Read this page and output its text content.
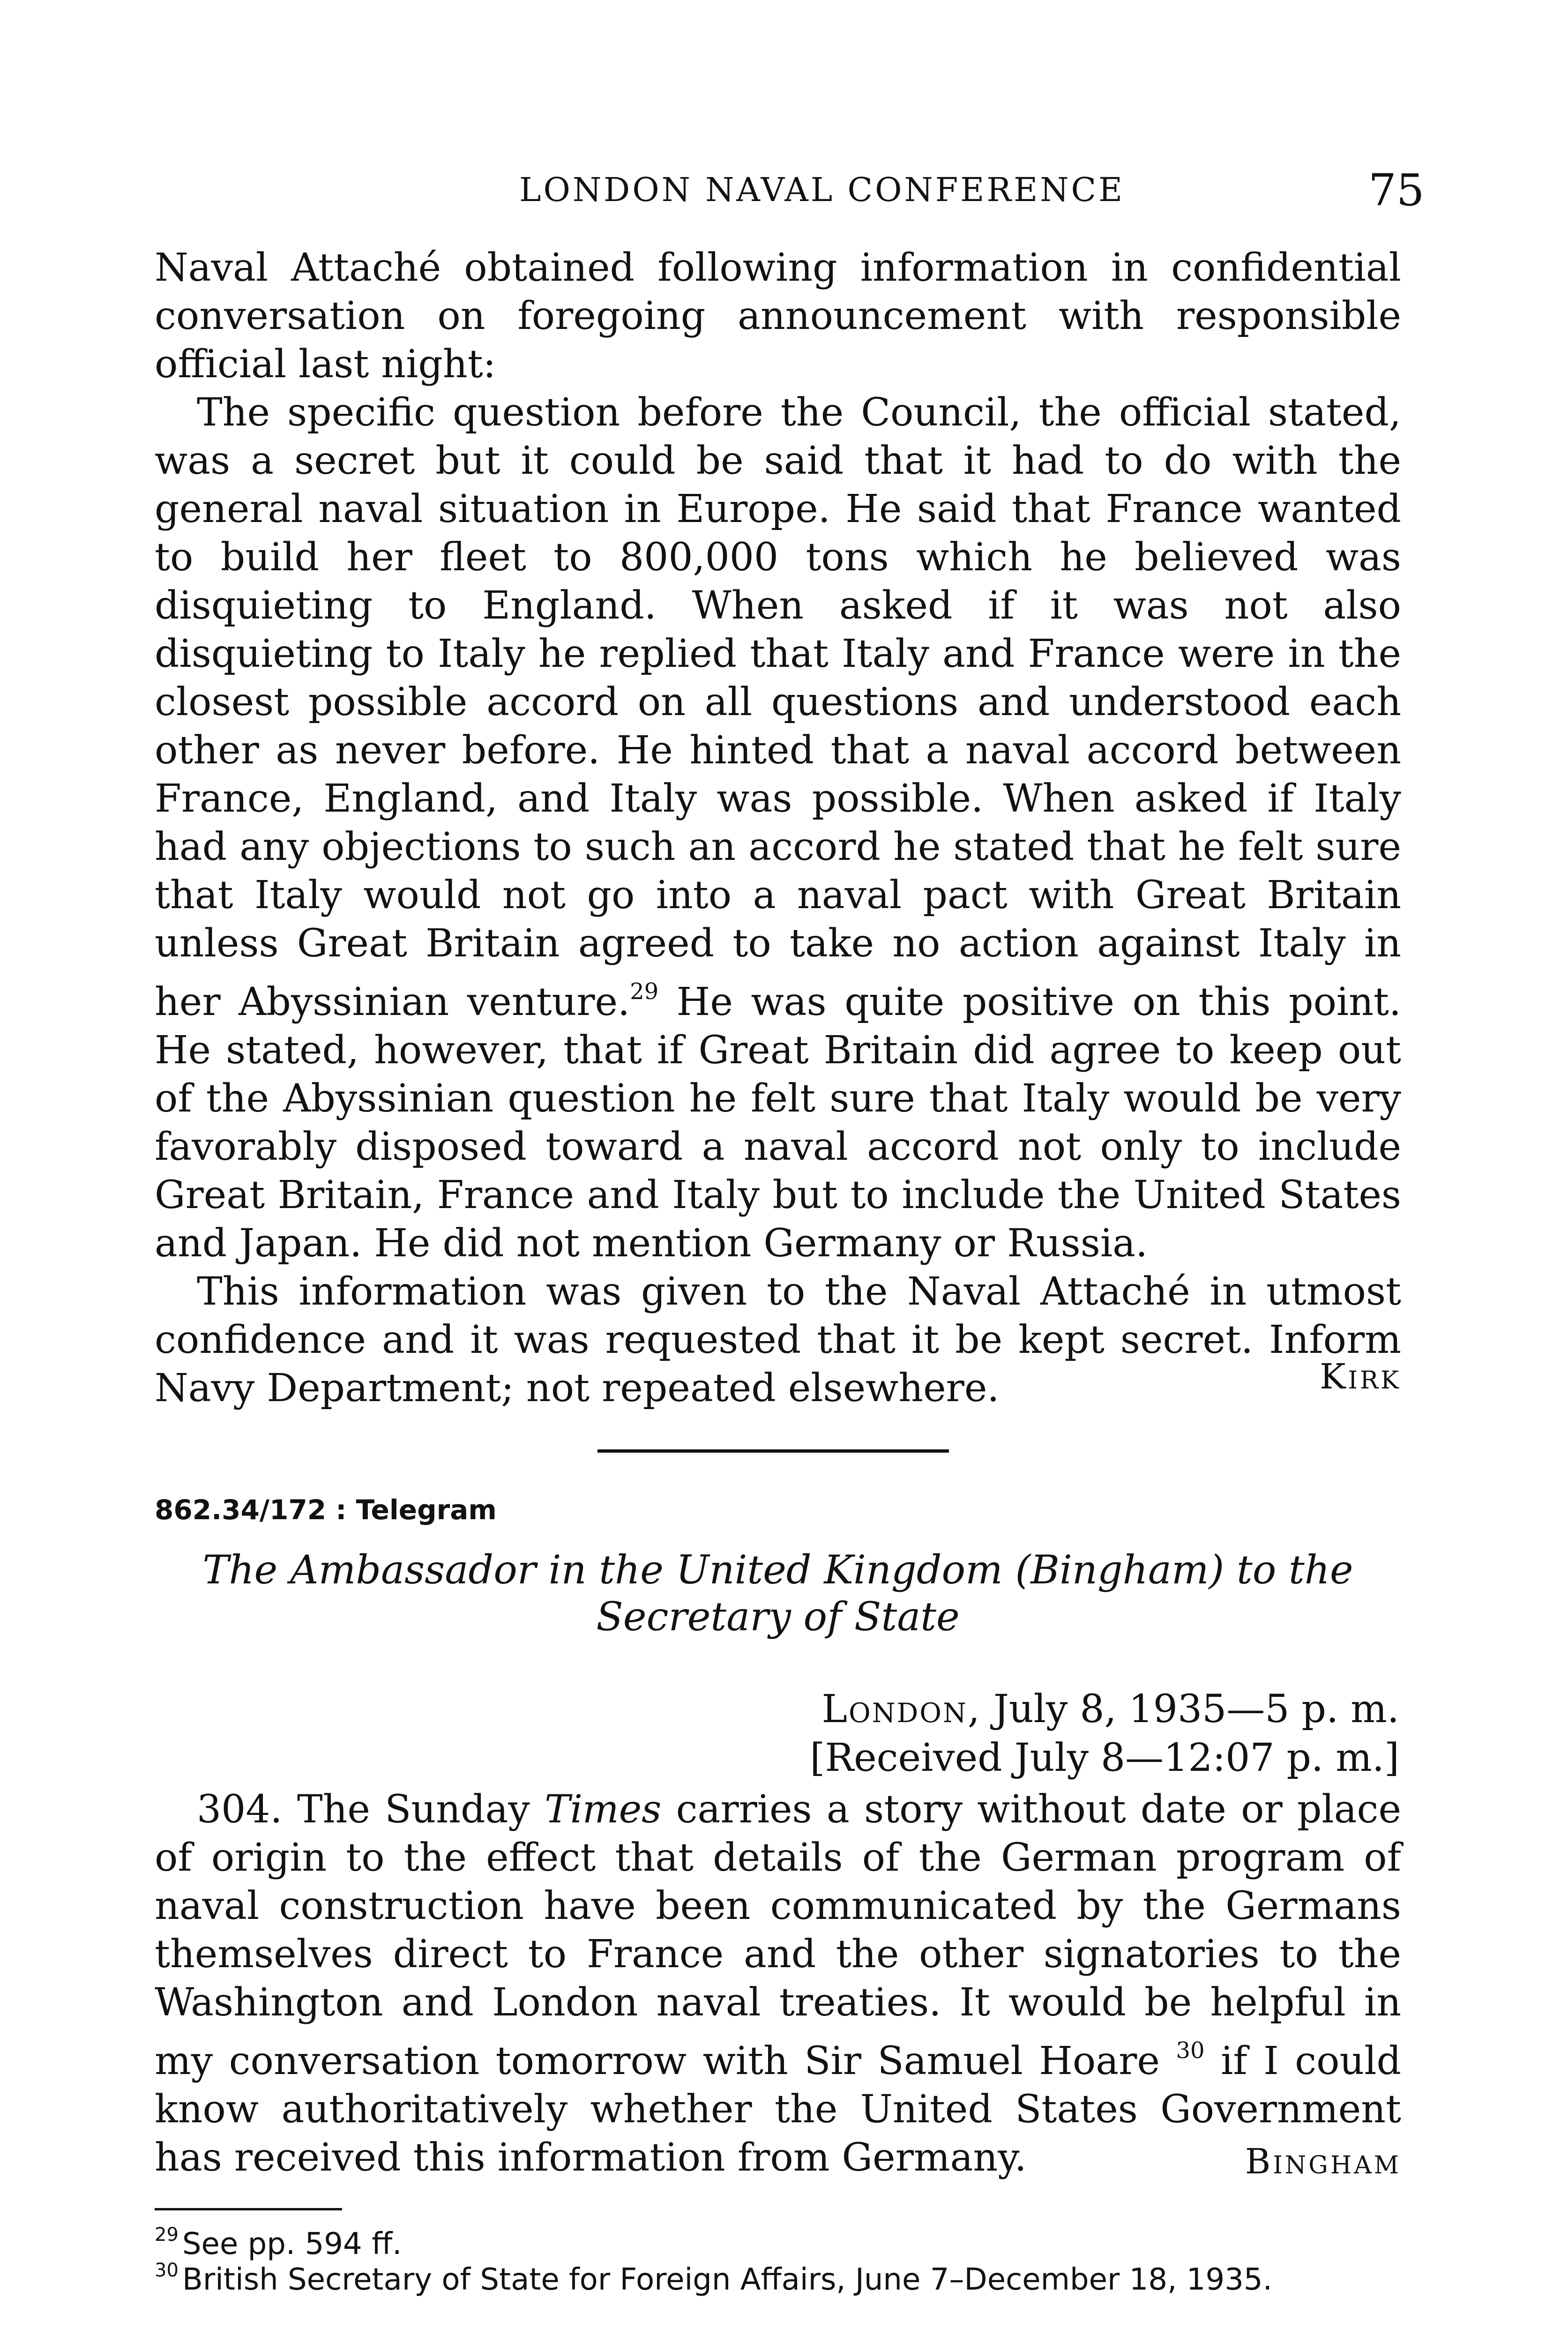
LONDON NAVAL CONFERENCE	75

Naval Attaché obtained following information in confidential conversation on foregoing announcement with responsible official last night:

The specific question before the Council, the official stated, was a secret but it could be said that it had to do with the general naval situation in Europe. He said that France wanted to build her fleet to 800,000 tons which he believed was disquieting to England. When asked if it was not also disquieting to Italy he replied that Italy and France were in the closest possible accord on all questions and understood each other as never before. He hinted that a naval accord between France, England, and Italy was possible. When asked if Italy had any objections to such an accord he stated that he felt sure that Italy would not go into a naval pact with Great Britain unless Great Britain agreed to take no action against Italy in her Abyssinian venture.$^{29}$ He was quite positive on this point. He stated, however, that if Great Britain did agree to keep out of the Abyssinian question he felt sure that Italy would be very favorably disposed toward a naval accord not only to include Great Britain, France and Italy but to include the United States and Japan. He did not mention Germany or Russia.

This information was given to the Naval Attaché in utmost confidence and it was requested that it be kept secret. Inform Navy Department; not repeated elsewhere.	Kirk
862.34/172 : Telegram
The Ambassador in the United Kingdom (Bingham) to the Secretary of State
London, July 8, 1935—5 p. m.
[Received July 8—12:07 p. m.]

304. The Sunday Times carries a story without date or place of origin to the effect that details of the German program of naval construction have been communicated by the Germans themselves direct to France and the other signatories to the Washington and London naval treaties. It would be helpful in my conversation tomorrow with Sir Samuel Hoare $^{30}$ if I could know authoritatively whether the United States Government has received this information from Germany.	Bingham
$^{29}$ See pp. 594 ff.
$^{30}$ British Secretary of State for Foreign Affairs, June 7–December 18, 1935.
